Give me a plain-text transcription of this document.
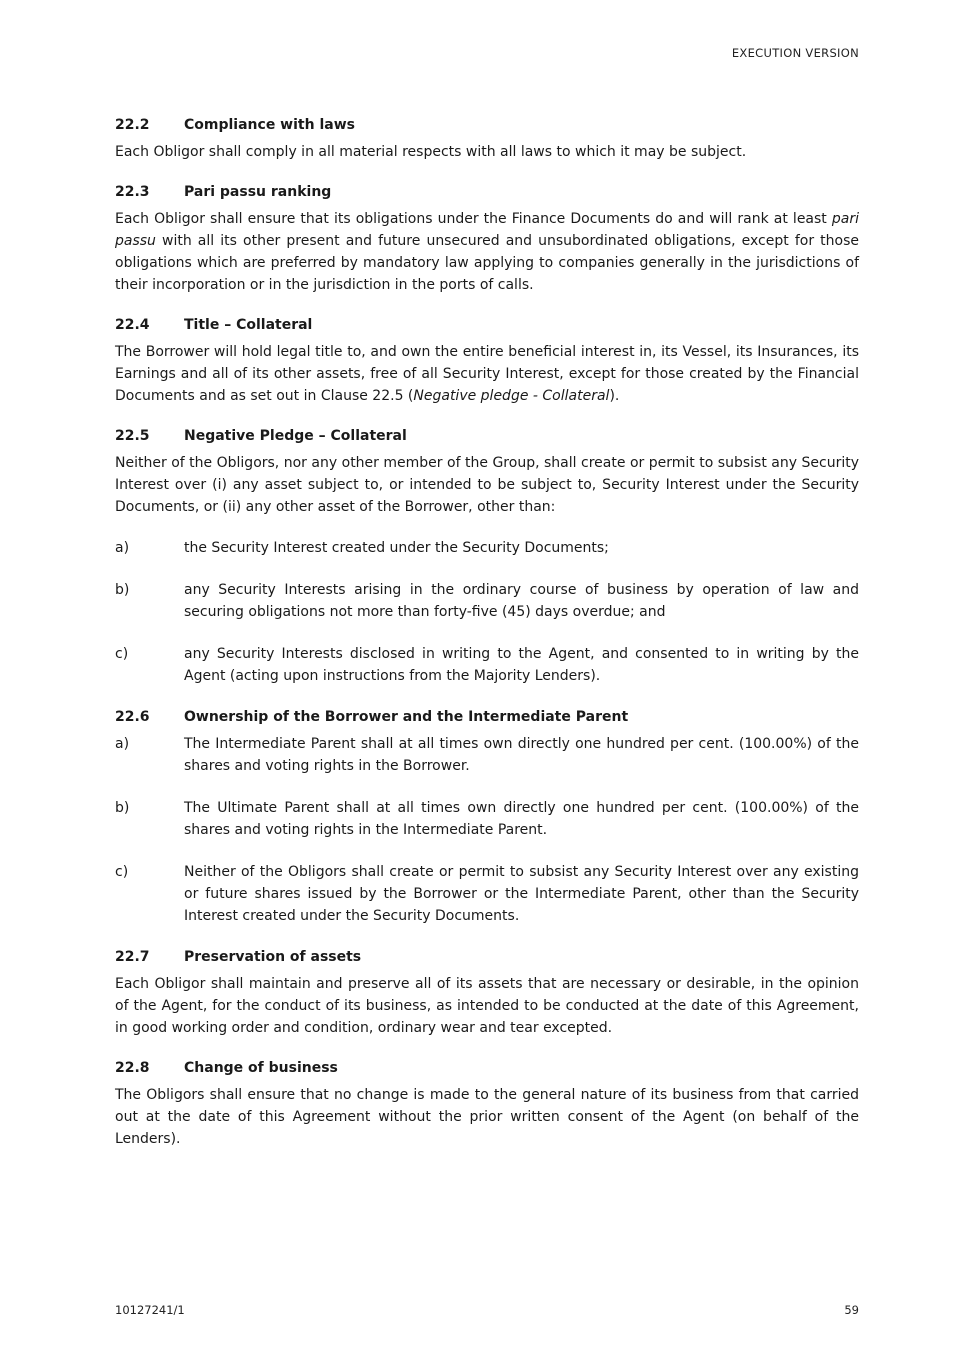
EXECUTION VERSION
22.2	Compliance with laws

Each Obligor shall comply in all material respects with all laws to which it may be subject.

22.3	Pari passu ranking

Each Obligor shall ensure that its obligations under the Finance Documents do and will rank at least pari passu with all its other present and future unsecured and unsubordinated obligations, except for those obligations which are preferred by mandatory law applying to companies generally in the jurisdictions of their incorporation or in the jurisdiction in the ports of calls.

22.4	Title – Collateral

The Borrower will hold legal title to, and own the entire beneficial interest in, its Vessel, its Insurances, its Earnings and all of its other assets, free of all Security Interest, except for those created by the Financial Documents and as set out in Clause 22.5 (Negative pledge - Collateral).

22.5	Negative Pledge – Collateral

Neither of the Obligors, nor any other member of the Group, shall create or permit to subsist any Security Interest over (i) any asset subject to, or intended to be subject to, Security Interest under the Security Documents, or (ii) any other asset of the Borrower, other than:

a)	the Security Interest created under the Security Documents;
b)	any Security Interests arising in the ordinary course of business by operation of law and securing obligations not more than forty-five (45) days overdue; and
c)	any Security Interests disclosed in writing to the Agent, and consented to in writing by the Agent (acting upon instructions from the Majority Lenders).
22.6	Ownership of the Borrower and the Intermediate Parent
a)	The Intermediate Parent shall at all times own directly one hundred per cent. (100.00%) of the shares and voting rights in the Borrower.
b)	The Ultimate Parent shall at all times own directly one hundred per cent. (100.00%) of the shares and voting rights in the Intermediate Parent.
c)	Neither of the Obligors shall create or permit to subsist any Security Interest over any existing or future shares issued by the Borrower or the Intermediate Parent, other than the Security Interest created under the Security Documents.
22.7	Preservation of assets

Each Obligor shall maintain and preserve all of its assets that are necessary or desirable, in the opinion of the Agent, for the conduct of its business, as intended to be conducted at the date of this Agreement, in good working order and condition, ordinary wear and tear excepted.

22.8	Change of business

The Obligors shall ensure that no change is made to the general nature of its business from that carried out at the date of this Agreement without the prior written consent of the Agent (on behalf of the Lenders).

10127241/1	59
